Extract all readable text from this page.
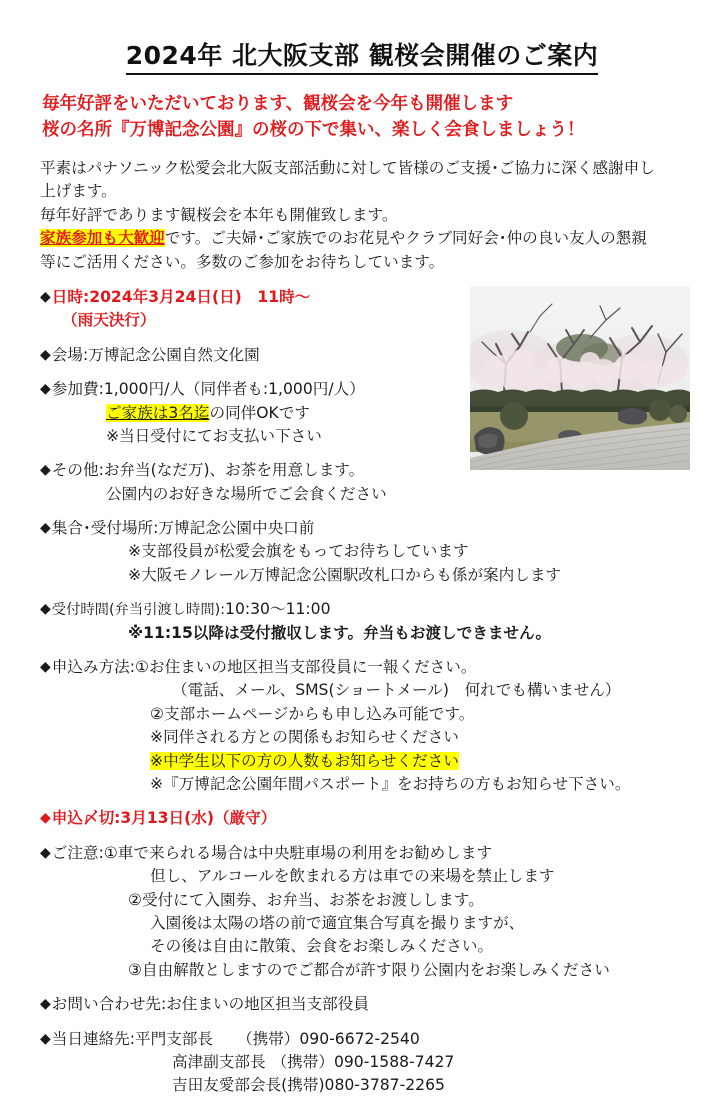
2024年 北大阪支部 観桜会開催のご案内
毎年好評をいただいております、観桜会を今年も開催します
桜の名所『万博記念公園』の桜の下で集い、楽しく会食しましょう！

平素はパナソニック松愛会北大阪支部活動に対して皆様のご支援･ご協力に深く感謝申し

上げます。

毎年好評であります観桜会を本年も開催致します。

家族参加も大歓迎です。ご夫婦･ご家族でのお花見やクラブ同好会･仲の良い友人の懇親

等にご活用ください。多数のご参加をお待ちしています。

◆日時:2024年3月24日(日)　11時～
（雨天決行）
◆会場:万博記念公園自然文化園
◆参加費:1,000円/人（同伴者も:1,000円/人）
ご家族は3名迄の同伴OKです
※当日受付にてお支払い下さい
◆その他:お弁当(なだ万)、お茶を用意します。
公園内のお好きな場所でご会食ください
◆集合･受付場所:万博記念公園中央口前
※支部役員が松愛会旗をもってお待ちしています
※大阪モノレール万博記念公園駅改札口からも係が案内します
◆受付時間(弁当引渡し時間):10:30～11:00
※11:15以降は受付撤収します。弁当もお渡しできません。
◆申込み方法:①お住まいの地区担当支部役員に一報ください。
（電話、メール、SMS(ショートメール)　何れでも構いません）
②支部ホームページからも申し込み可能です。
※同伴される方との関係もお知らせください
※中学生以下の方の人数もお知らせください
※『万博記念公園年間パスポート』をお持ちの方もお知らせ下さい。
◆申込〆切:3月13日(水)（厳守）
◆ご注意:①車で来られる場合は中央駐車場の利用をお勧めします
但し、アルコールを飲まれる方は車での来場を禁止します
②受付にて入園券、お弁当、お茶をお渡しします。
入園後は太陽の塔の前で適宜集合写真を撮りますが、
その後は自由に散策、会食をお楽しみください。
③自由解散としますのでご都合が許す限り公園内をお楽しみください
◆お問い合わせ先:お住まいの地区担当支部役員
◆当日連絡先:平門支部長 （携帯）090-6672-2540
高津副支部長 （携帯）090-1588-7427
吉田友愛部会長(携帯)080-3787-2265
